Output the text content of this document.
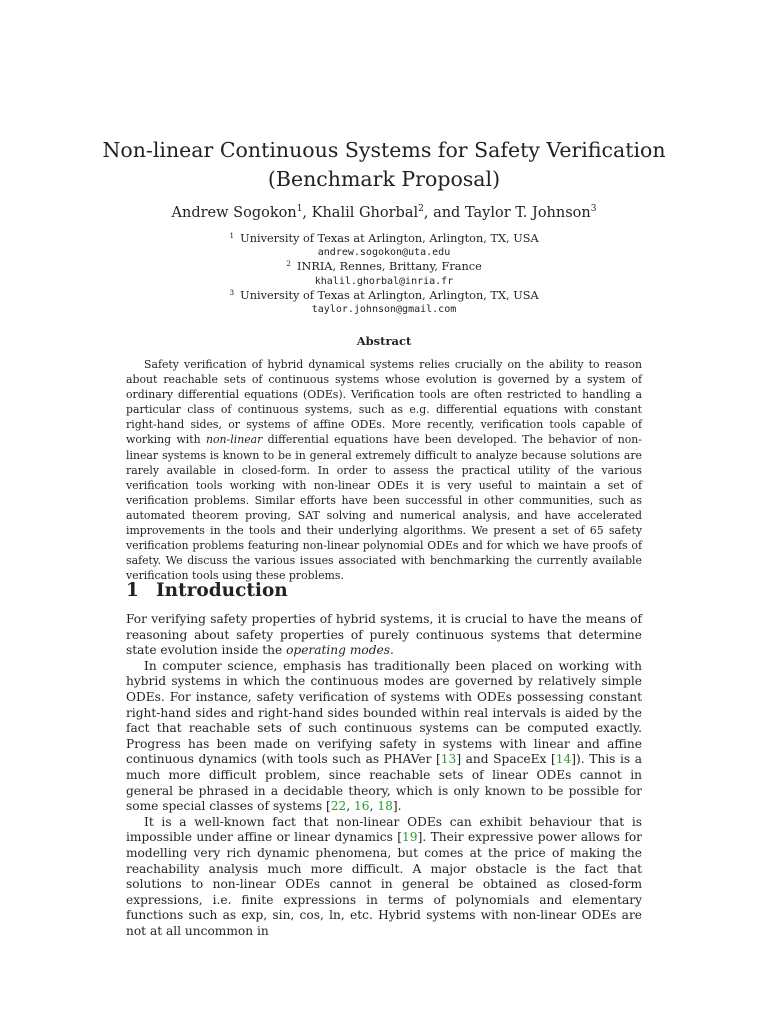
Non-linear Continuous Systems for Safety Verification
(Benchmark Proposal)
Andrew Sogokon$^1$, Khalil Ghorbal$^2$, and Taylor T. Johnson$^3$
$^1$ University of Texas at Arlington, Arlington, TX, USA
andrew.sogokon@uta.edu
$^2$ INRIA, Rennes, Brittany, France
khalil.ghorbal@inria.fr
$^3$ University of Texas at Arlington, Arlington, TX, USA
taylor.johnson@gmail.com
Abstract

Safety verification of hybrid dynamical systems relies crucially on the ability to reason about reachable sets of continuous systems whose evolution is governed by a system of ordinary differential equations (ODEs). Verification tools are often restricted to handling a particular class of continuous systems, such as e.g. differential equations with constant right-hand sides, or systems of affine ODEs. More recently, verification tools capable of working with non-linear differential equations have been developed. The behavior of non-linear systems is known to be in general extremely difficult to analyze because solutions are rarely available in closed-form. In order to assess the practical utility of the various verification tools working with non-linear ODEs it is very useful to maintain a set of verification problems. Similar efforts have been successful in other communities, such as automated theorem proving, SAT solving and numerical analysis, and have accelerated improvements in the tools and their underlying algorithms. We present a set of 65 safety verification problems featuring non-linear polynomial ODEs and for which we have proofs of safety. We discuss the various issues associated with benchmarking the currently available verification tools using these problems.

1 Introduction

For verifying safety properties of hybrid systems, it is crucial to have the means of reasoning about safety properties of purely continuous systems that determine state evolution inside the operating modes.

In computer science, emphasis has traditionally been placed on working with hybrid systems in which the continuous modes are governed by relatively simple ODEs. For instance, safety verification of systems with ODEs possessing constant right-hand sides and right-hand sides bounded within real intervals is aided by the fact that reachable sets of such continuous systems can be computed exactly. Progress has been made on verifying safety in systems with linear and affine continuous dynamics (with tools such as PHAVer [13] and SpaceEx [14]). This is a much more difficult problem, since reachable sets of linear ODEs cannot in general be phrased in a decidable theory, which is only known to be possible for some special classes of systems [22, 16, 18].

It is a well-known fact that non-linear ODEs can exhibit behaviour that is impossible under affine or linear dynamics [19]. Their expressive power allows for modelling very rich dynamic phenomena, but comes at the price of making the reachability analysis much more difficult. A major obstacle is the fact that solutions to non-linear ODEs cannot in general be obtained as closed-form expressions, i.e. finite expressions in terms of polynomials and elementary functions such as exp, sin, cos, ln, etc. Hybrid systems with non-linear ODEs are not at all uncommon in
